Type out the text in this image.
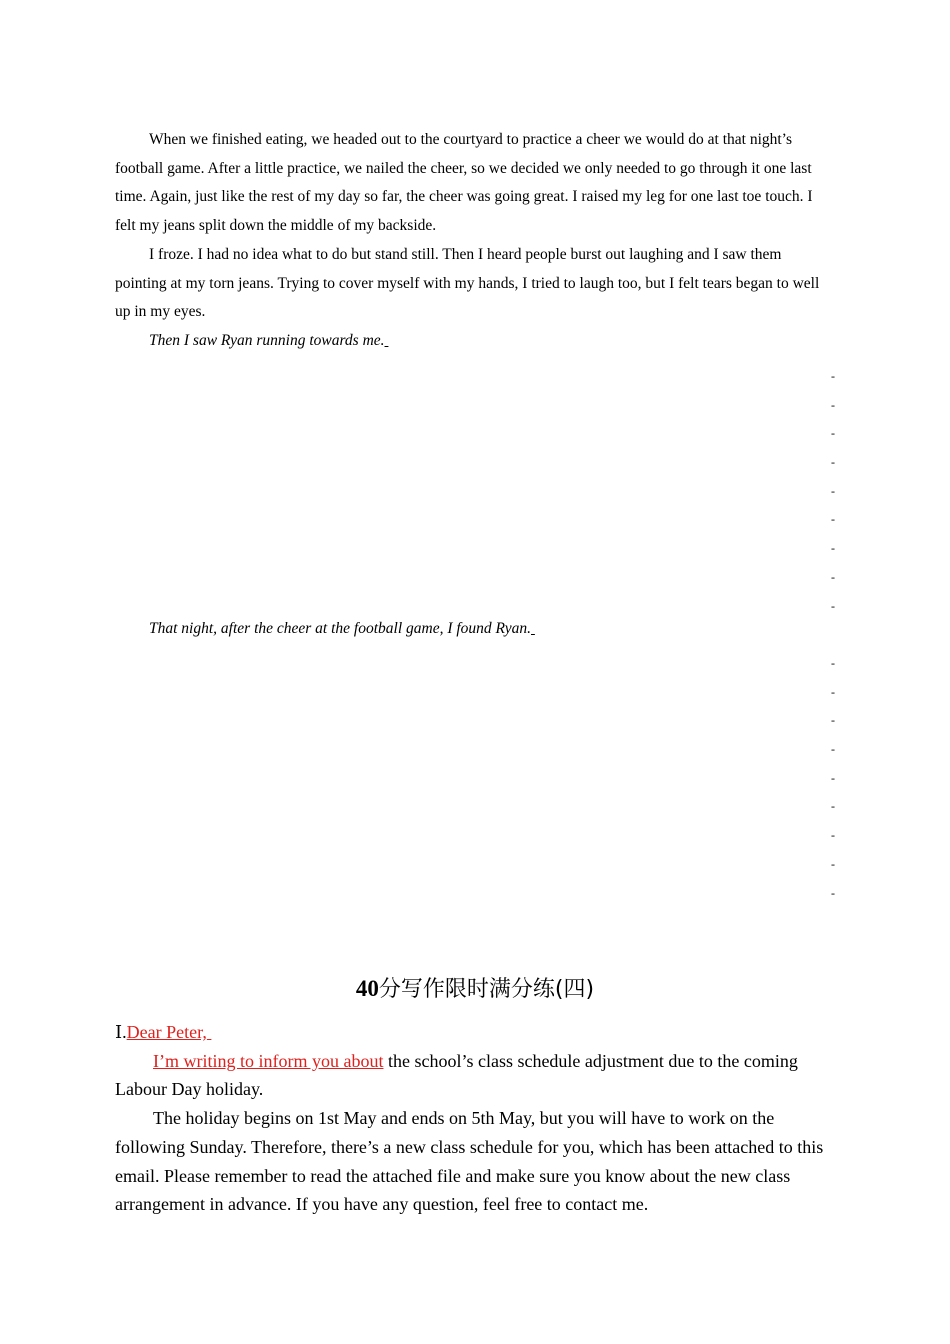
When we finished eating, we headed out to the courtyard to practice a cheer we would do at that night’s football game. After a little practice, we nailed the cheer, so we decided we only needed to go through it one last time. Again, just like the rest of my day so far, the cheer was going great. I raised my leg for one last toe touch. I felt my jeans split down the middle of my backside.

I froze. I had no idea what to do but stand still. Then I heard people burst out laughing and I saw them pointing at my torn jeans. Trying to cover myself with my hands, I tried to laugh too, but I felt tears began to well up in my eyes.

Then I saw Ryan running towards me.

-
-
-
-
-
-
-
-
-

That night, after the cheer at the football game, I found Ryan.

-
-
-
-
-
-
-
-
-
40分写作限时满分练(四)

Ⅰ.Dear Peter,

I’m writing to inform you about the school’s class schedule adjustment due to the coming Labour Day holiday.

The holiday begins on 1st May and ends on 5th May, but you will have to work on the following Sunday. Therefore, there’s a new class schedule for you, which has been attached to this email. Please remember to read the attached file and make sure you know about the new class arrangement in advance. If you have any question, feel free to contact me.
